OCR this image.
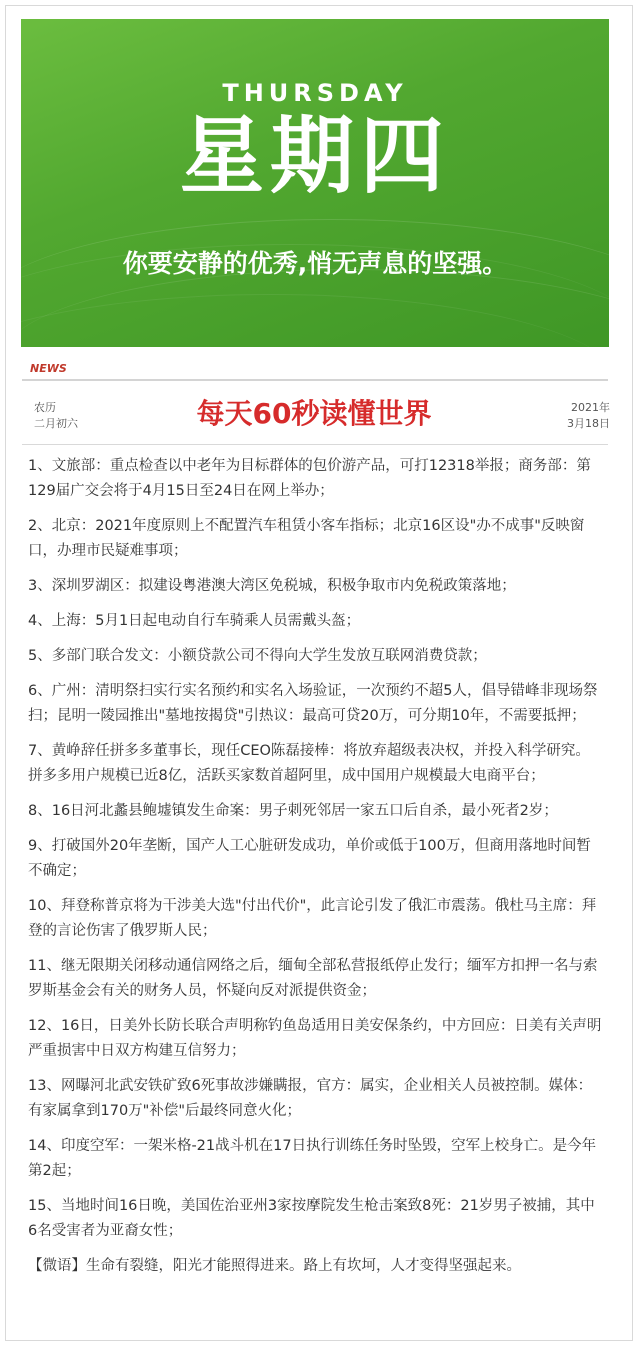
THURSDAY
星期四
你要安静的优秀,悄无声息的坚强。
NEWS
农历
二月初六	每天60秒读懂世界	2021年
3月18日

1、文旅部：重点检查以中老年为目标群体的包价游产品，可打12318举报；商务部：第129届广交会将于4月15日至24日在网上举办；

2、北京：2021年度原则上不配置汽车租赁小客车指标；北京16区设"办不成事"反映窗口，办理市民疑难事项；

3、深圳罗湖区：拟建设粤港澳大湾区免税城，积极争取市内免税政策落地；

4、上海：5月1日起电动自行车骑乘人员需戴头盔；

5、多部门联合发文：小额贷款公司不得向大学生发放互联网消费贷款；

6、广州：清明祭扫实行实名预约和实名入场验证，一次预约不超5人，倡导错峰非现场祭扫；昆明一陵园推出"墓地按揭贷"引热议：最高可贷20万，可分期10年，不需要抵押；

7、黄峥辞任拼多多董事长，现任CEO陈磊接棒：将放弃超级表决权，并投入科学研究。拼多多用户规模已近8亿，活跃买家数首超阿里，成中国用户规模最大电商平台；

8、16日河北蠡县鲍墟镇发生命案：男子刺死邻居一家五口后自杀，最小死者2岁；

9、打破国外20年垄断，国产人工心脏研发成功，单价或低于100万，但商用落地时间暂不确定；

10、拜登称普京将为干涉美大选"付出代价"，此言论引发了俄汇市震荡。俄杜马主席：拜登的言论伤害了俄罗斯人民；

11、继无限期关闭移动通信网络之后，缅甸全部私营报纸停止发行；缅军方扣押一名与索罗斯基金会有关的财务人员，怀疑向反对派提供资金；

12、16日，日美外长防长联合声明称钓鱼岛适用日美安保条约，中方回应：日美有关声明严重损害中日双方构建互信努力；

13、网曝河北武安铁矿致6死事故涉嫌瞒报，官方：属实，企业相关人员被控制。媒体：有家属拿到170万"补偿"后最终同意火化；

14、印度空军：一架米格-21战斗机在17日执行训练任务时坠毁，空军上校身亡。是今年第2起；

15、当地时间16日晚，美国佐治亚州3家按摩院发生枪击案致8死：21岁男子被捕，其中6名受害者为亚裔女性；

【微语】生命有裂缝，阳光才能照得进来。路上有坎坷，人才变得坚强起来。
